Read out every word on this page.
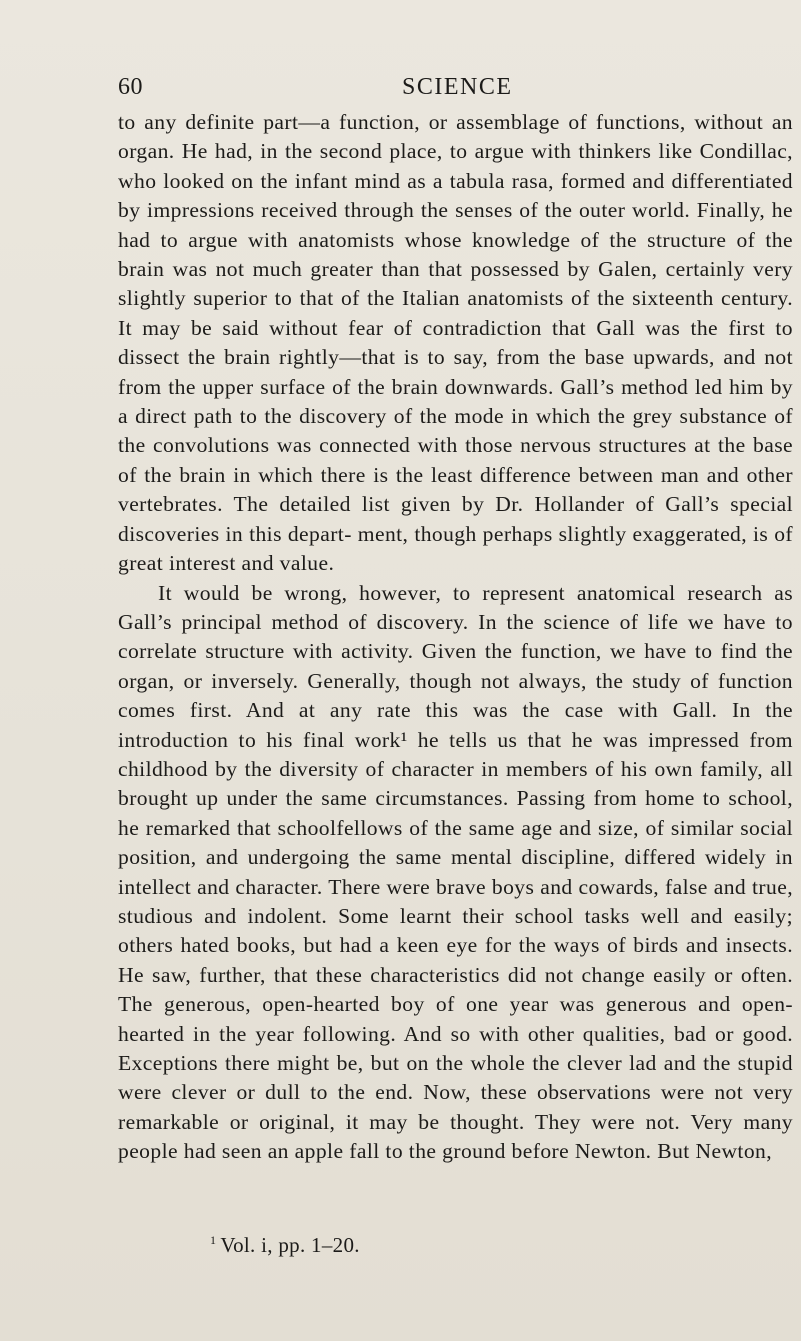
60	SCIENCE

to any definite part—a function, or assemblage of functions, without an organ. He had, in the second place, to argue with thinkers like Condillac, who looked on the infant mind as a tabula rasa, formed and differentiated by impressions received through the senses of the outer world. Finally, he had to argue with anatomists whose knowledge of the structure of the brain was not much greater than that possessed by Galen, certainly very slightly superior to that of the Italian anatomists of the sixteenth century. It may be said without fear of contradiction that Gall was the first to dissect the brain rightly—that is to say, from the base upwards, and not from the upper surface of the brain downwards. Gall’s method led him by a direct path to the discovery of the mode in which the grey substance of the convolutions was connected with those nervous structures at the base of the brain in which there is the least difference between man and other vertebrates. The detailed list given by Dr. Hollander of Gall’s special discoveries in this depart- ment, though perhaps slightly exaggerated, is of great interest and value.

It would be wrong, however, to represent anatomical research as Gall’s principal method of discovery. In the science of life we have to correlate structure with activity. Given the function, we have to find the organ, or inversely. Generally, though not always, the study of function comes first. And at any rate this was the case with Gall. In the introduction to his final work¹ he tells us that he was impressed from childhood by the diversity of character in members of his own family, all brought up under the same circumstances. Passing from home to school, he remarked that schoolfellows of the same age and size, of similar social position, and undergoing the same mental discipline, differed widely in intellect and character. There were brave boys and cowards, false and true, studious and indolent. Some learnt their school tasks well and easily; others hated books, but had a keen eye for the ways of birds and insects. He saw, further, that these characteristics did not change easily or often. The generous, open-hearted boy of one year was generous and open-hearted in the year following. And so with other qualities, bad or good. Exceptions there might be, but on the whole the clever lad and the stupid were clever or dull to the end. Now, these observations were not very remarkable or original, it may be thought. They were not. Very many people had seen an apple fall to the ground before Newton. But Newton,

$^1$ Vol. i, pp. 1–20.
